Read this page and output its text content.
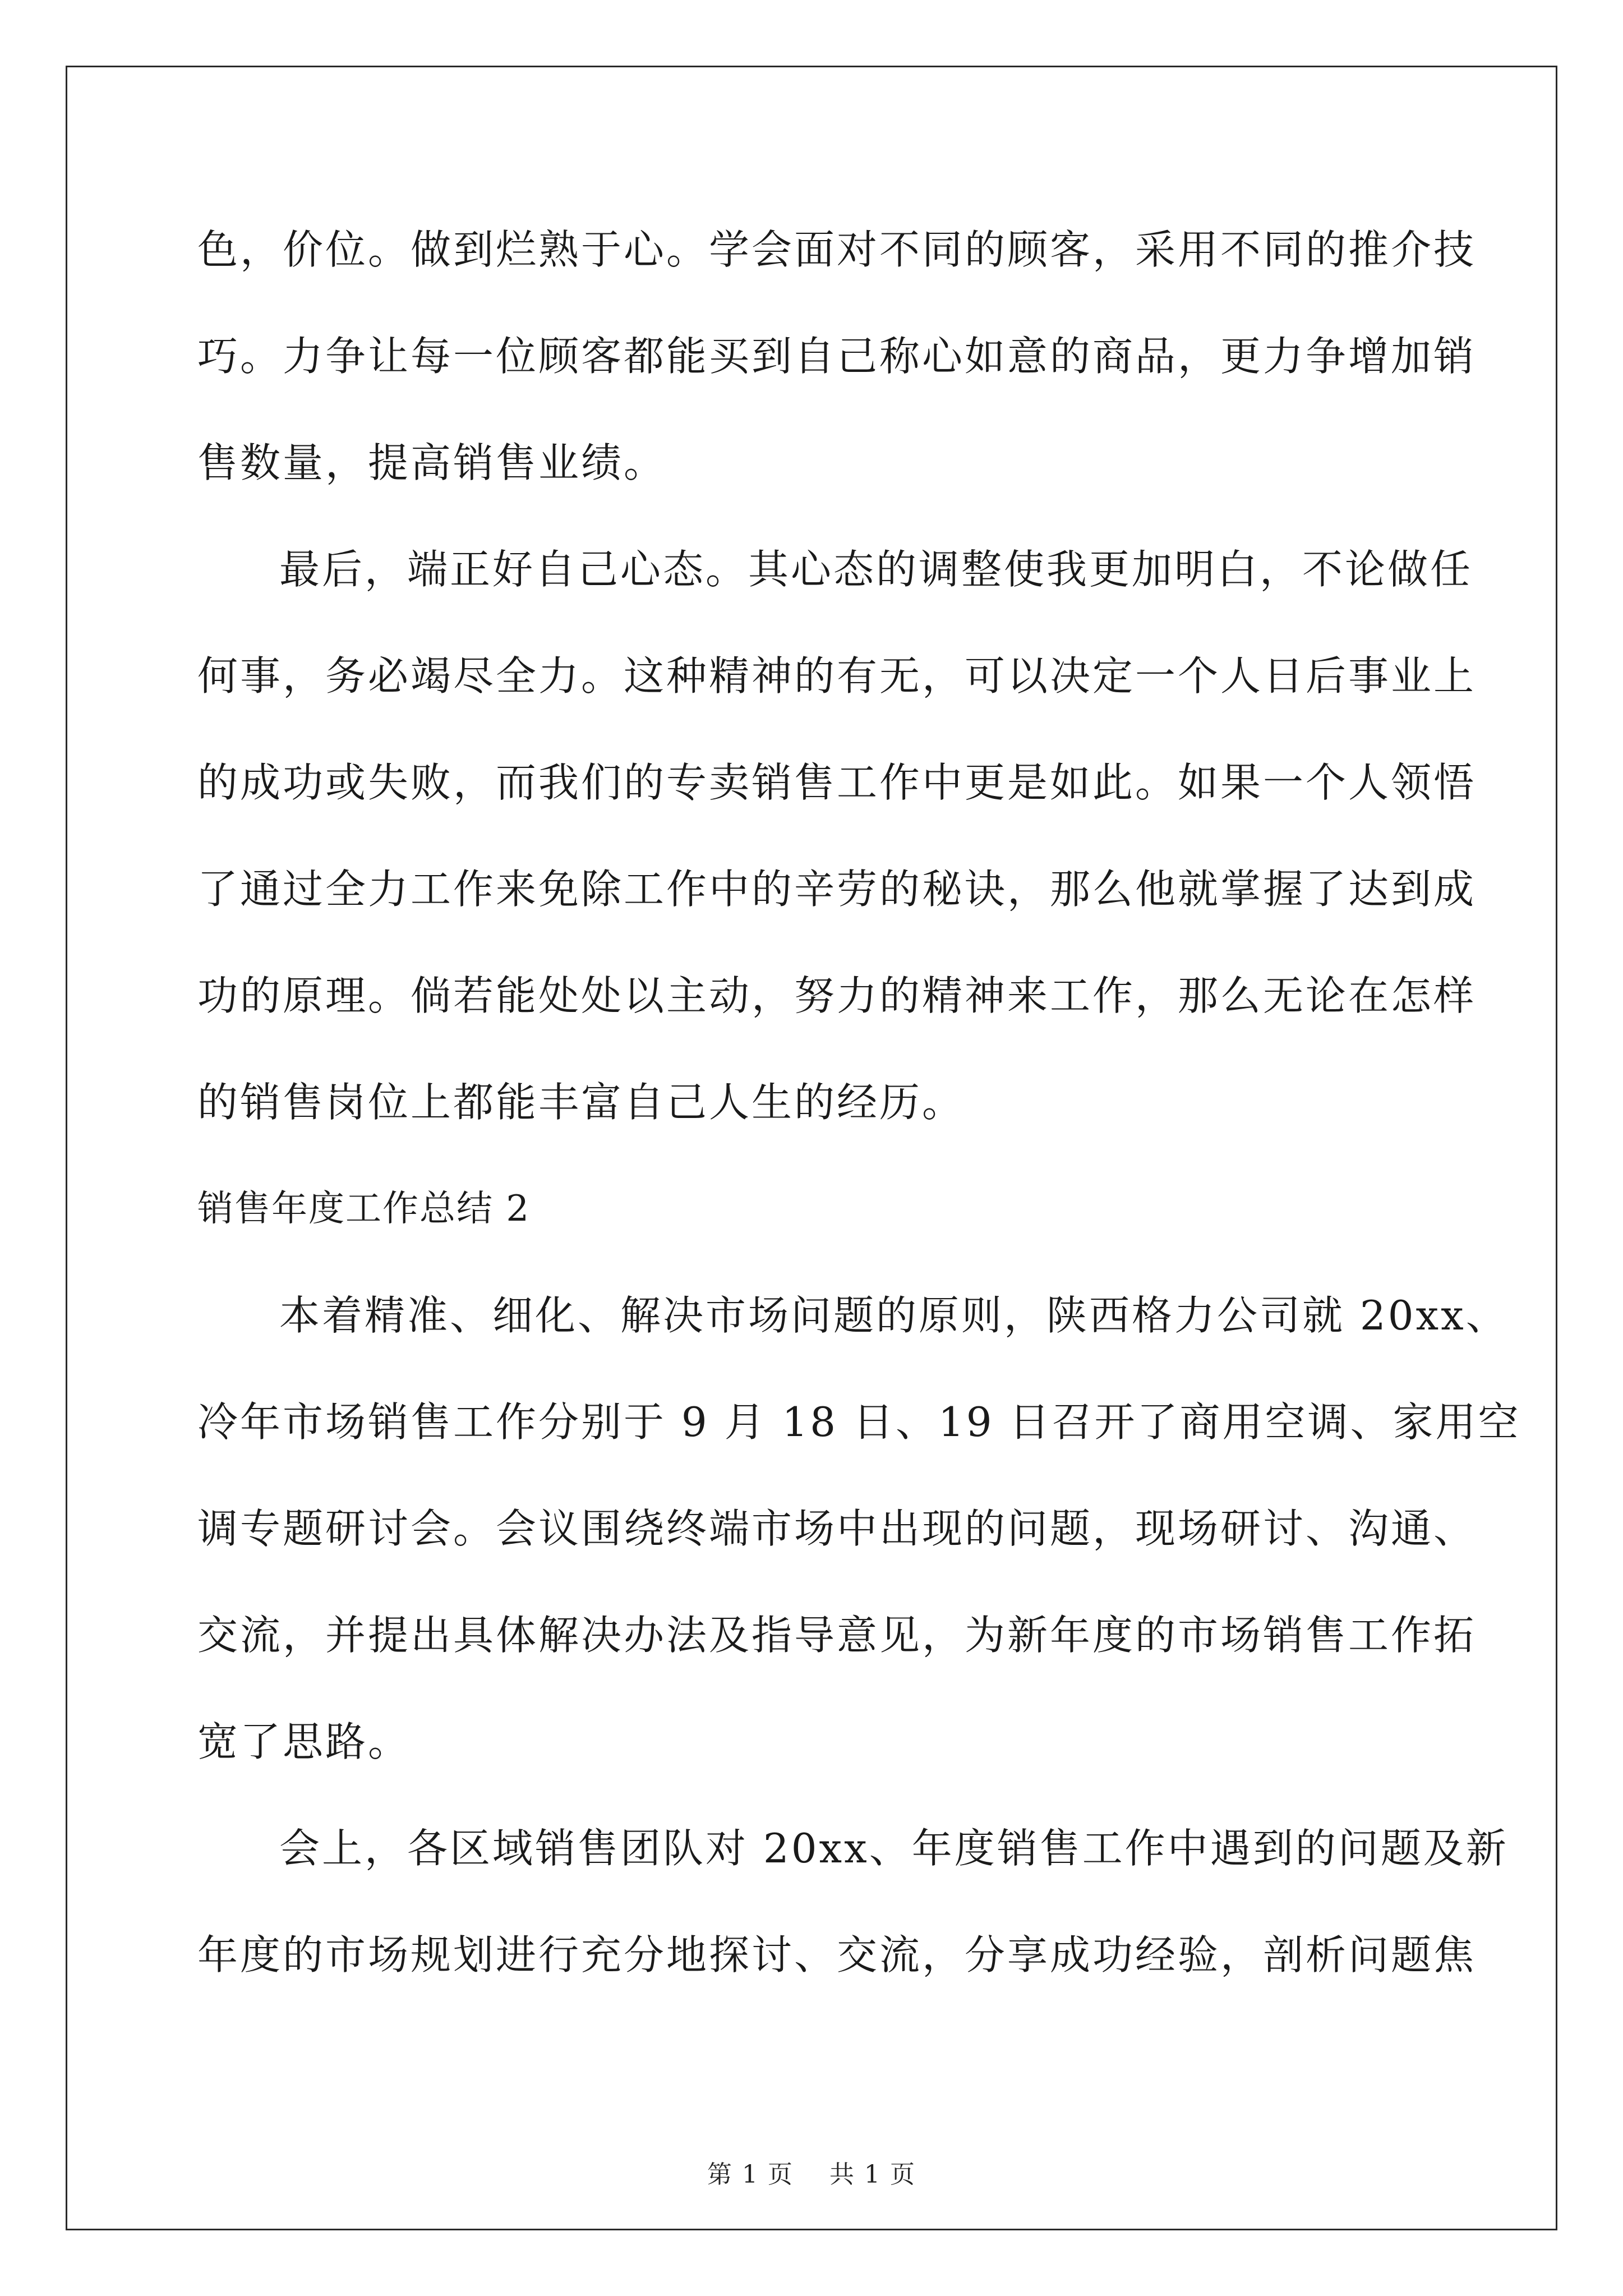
色，价位。做到烂熟于心。学会面对不同的顾客，采用不同的推介技
巧。力争让每一位顾客都能买到自己称心如意的商品，更力争增加销
售数量，提高销售业绩。
最后，端正好自己心态。其心态的调整使我更加明白，不论做任
何事，务必竭尽全力。这种精神的有无，可以决定一个人日后事业上
的成功或失败，而我们的专卖销售工作中更是如此。如果一个人领悟
了通过全力工作来免除工作中的辛劳的秘诀，那么他就掌握了达到成
功的原理。倘若能处处以主动，努力的精神来工作，那么无论在怎样
的销售岗位上都能丰富自己人生的经历。
销售年度工作总结 2
本着精准、细化、解决市场问题的原则，陕西格力公司就 20xx、
冷年市场销售工作分别于 9 月 18 日、19 日召开了商用空调、家用空
调专题研讨会。会议围绕终端市场中出现的问题，现场研讨、沟通、
交流，并提出具体解决办法及指导意见，为新年度的市场销售工作拓
宽了思路。
会上，各区域销售团队对 20xx、年度销售工作中遇到的问题及新
年度的市场规划进行充分地探讨、交流，分享成功经验，剖析问题焦
第 1 页 共 1 页
